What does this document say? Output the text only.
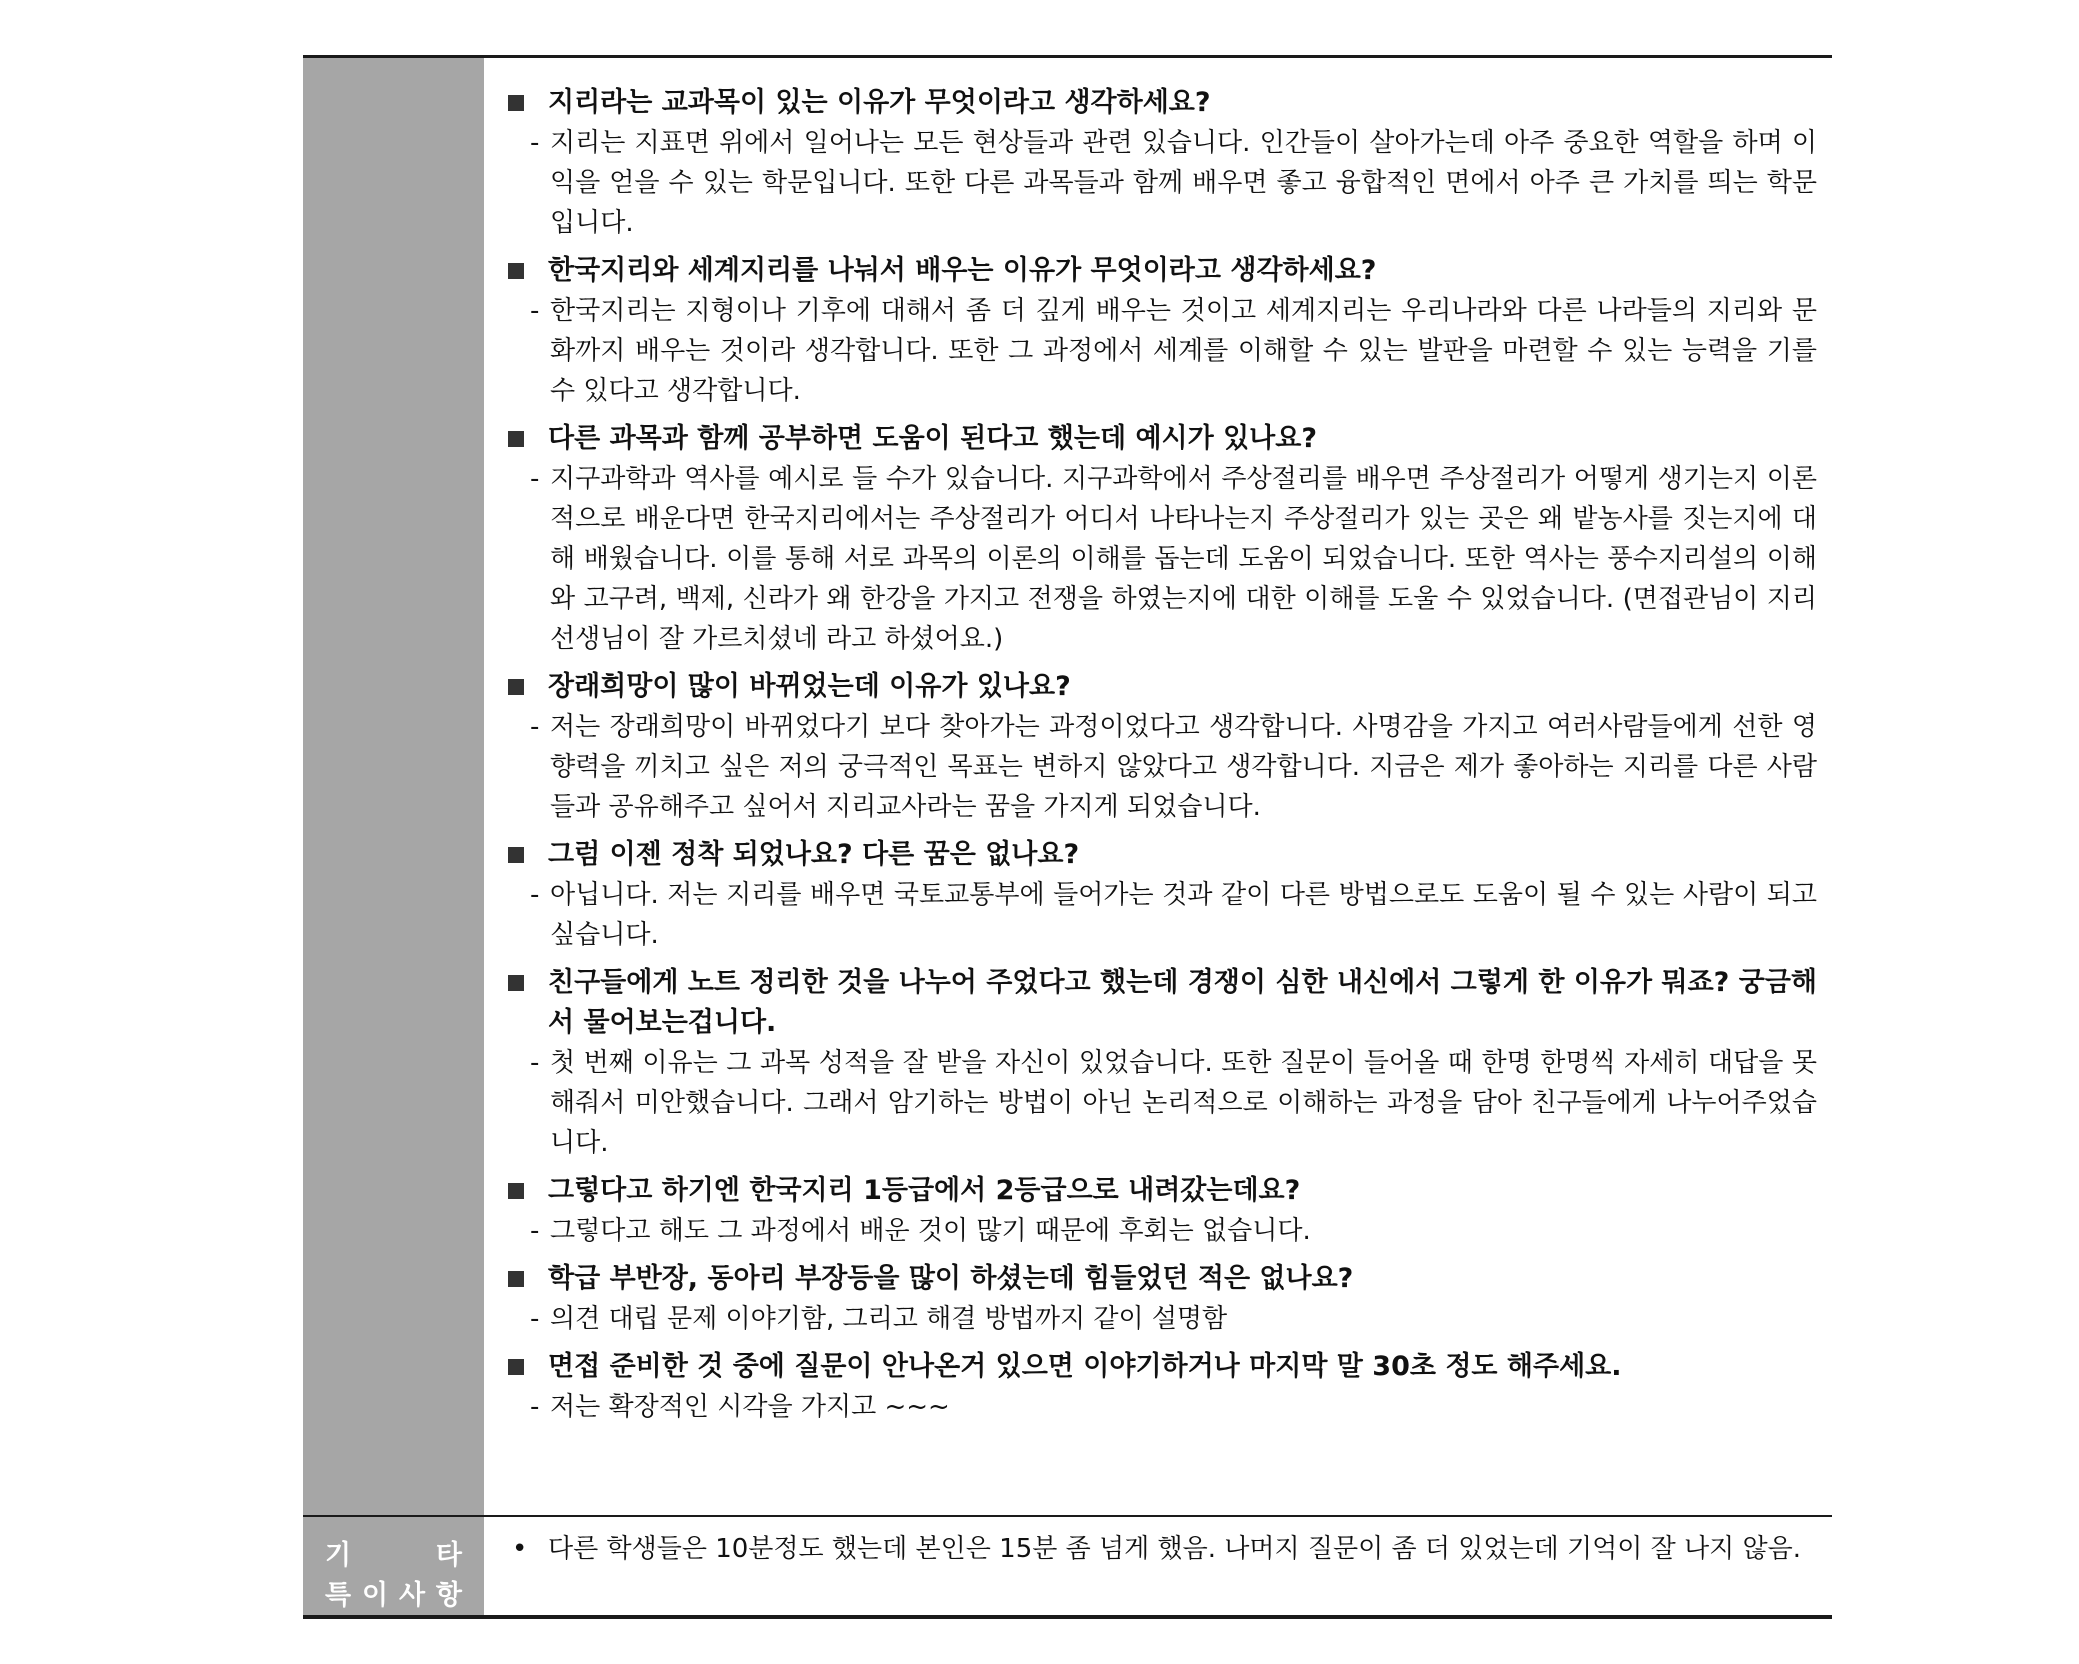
지리라는 교과목이 있는 이유가 무엇이라고 생각하세요?
- 지리는 지표면 위에서 일어나는 모든 현상들과 관련 있습니다. 인간들이 살아가는데 아주 중요한 역할을 하며 이익을 얻을 수 있는 학문입니다. 또한 다른 과목들과 함께 배우면 좋고 융합적인 면에서 아주 큰 가치를 띄는 학문입니다.
한국지리와 세계지리를 나눠서 배우는 이유가 무엇이라고 생각하세요?
- 한국지리는 지형이나 기후에 대해서 좀 더 깊게 배우는 것이고 세계지리는 우리나라와 다른 나라들의 지리와 문화까지 배우는 것이라 생각합니다. 또한 그 과정에서 세계를 이해할 수 있는 발판을 마련할 수 있는 능력을 기를 수 있다고 생각합니다.
다른 과목과 함께 공부하면 도움이 된다고 했는데 예시가 있나요?
- 지구과학과 역사를 예시로 들 수가 있습니다. 지구과학에서 주상절리를 배우면 주상절리가 어떻게 생기는지 이론적으로 배운다면 한국지리에서는 주상절리가 어디서 나타나는지 주상절리가 있는 곳은 왜 밭농사를 짓는지에 대해 배웠습니다. 이를 통해 서로 과목의 이론의 이해를 돕는데 도움이 되었습니다. 또한 역사는 풍수지리설의 이해와 고구려, 백제, 신라가 왜 한강을 가지고 전쟁을 하였는지에 대한 이해를 도울 수 있었습니다. (면접관님이 지리선생님이 잘 가르치셨네 라고 하셨어요.)
장래희망이 많이 바뀌었는데 이유가 있나요?
- 저는 장래희망이 바뀌었다기 보다 찾아가는 과정이었다고 생각합니다. 사명감을 가지고 여러사람들에게 선한 영향력을 끼치고 싶은 저의 궁극적인 목표는 변하지 않았다고 생각합니다. 지금은 제가 좋아하는 지리를 다른 사람들과 공유해주고 싶어서 지리교사라는 꿈을 가지게 되었습니다.
그럼 이젠 정착 되었나요? 다른 꿈은 없나요?
- 아닙니다. 저는 지리를 배우면 국토교통부에 들어가는 것과 같이 다른 방법으로도 도움이 될 수 있는 사람이 되고 싶습니다.
친구들에게 노트 정리한 것을 나누어 주었다고 했는데 경쟁이 심한 내신에서 그렇게 한 이유가 뭐죠? 궁금해서 물어보는겁니다.
- 첫 번째 이유는 그 과목 성적을 잘 받을 자신이 있었습니다. 또한 질문이 들어올 때 한명 한명씩 자세히 대답을 못해줘서 미안했습니다. 그래서 암기하는 방법이 아닌 논리적으로 이해하는 과정을 담아 친구들에게 나누어주었습니다.
그렇다고 하기엔 한국지리 1등급에서 2등급으로 내려갔는데요?
- 그렇다고 해도 그 과정에서 배운 것이 많기 때문에 후회는 없습니다.
학급 부반장, 동아리 부장등을 많이 하셨는데 힘들었던 적은 없나요?
- 의견 대립 문제 이야기함, 그리고 해결 방법까지 같이 설명함
면접 준비한 것 중에 질문이 안나온거 있으면 이야기하거나 마지막 말 30초 정도 해주세요.
- 저는 확장적인 시각을 가지고 ~~~
기	타
특 이 사 항
• 다른 학생들은 10분정도 했는데 본인은 15분 좀 넘게 했음. 나머지 질문이 좀 더 있었는데 기억이 잘 나지 않음.
